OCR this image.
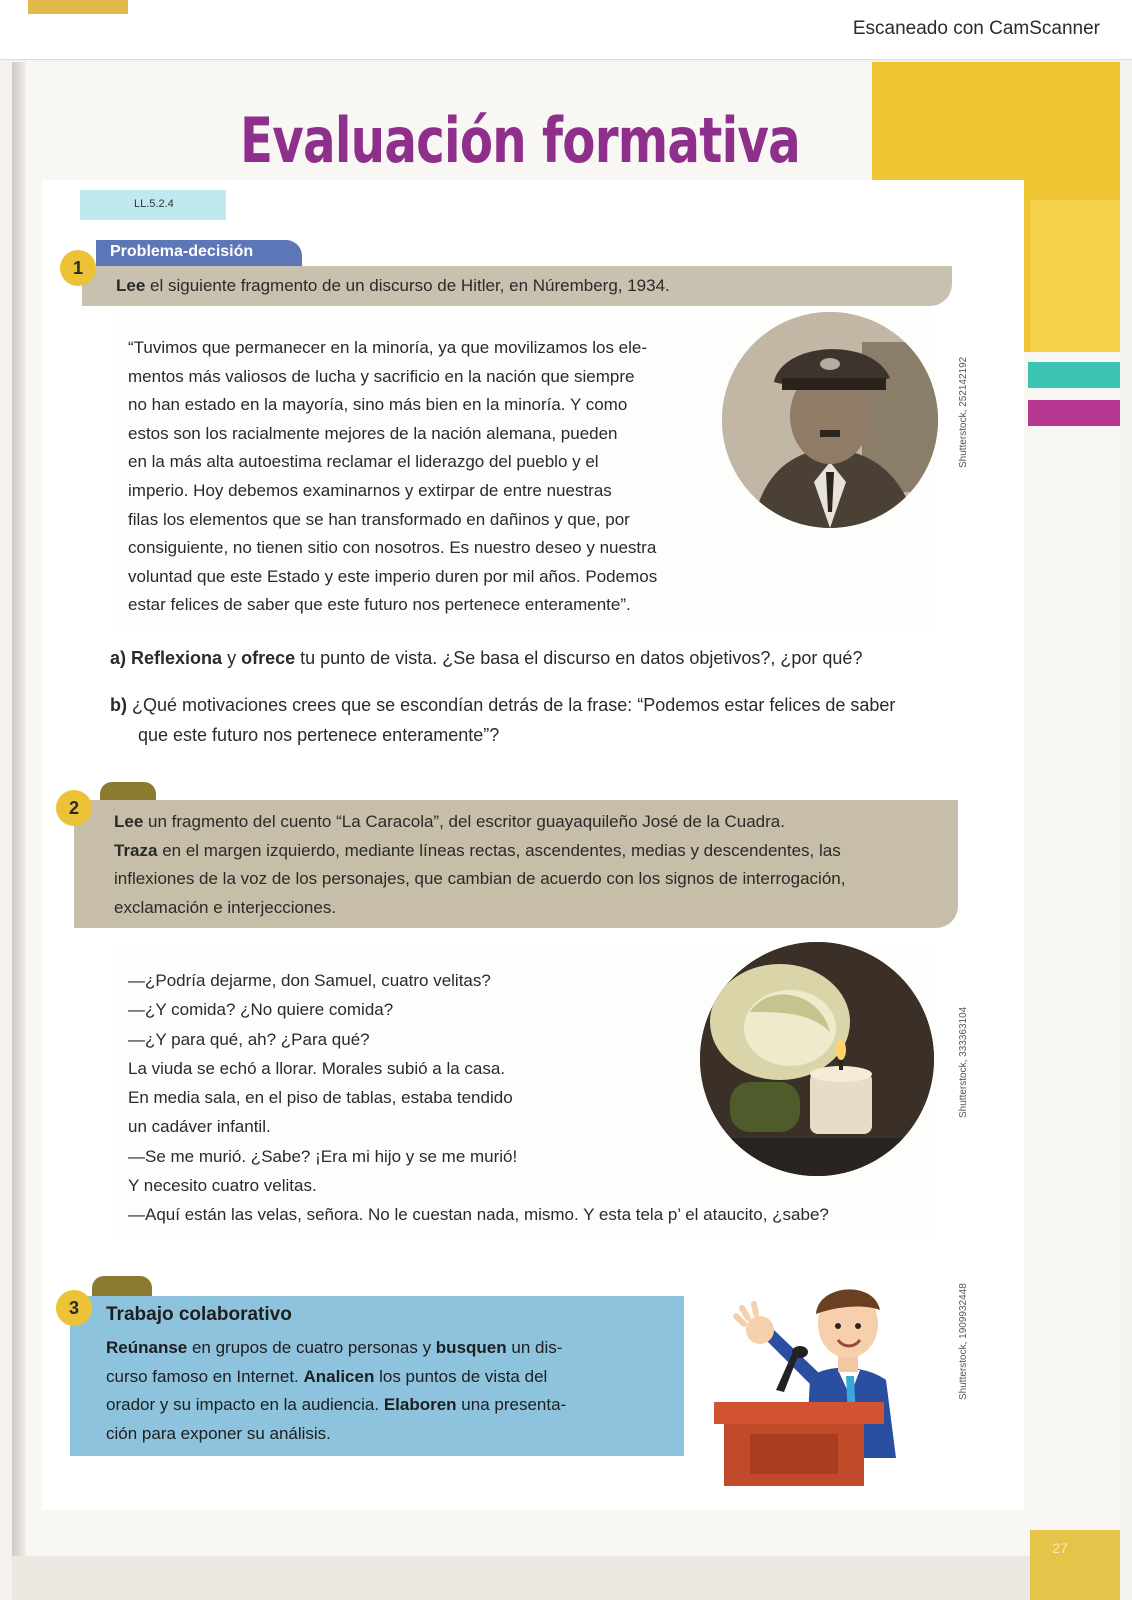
Escaneado con CamScanner
27
Evaluación formativa
LL.5.2.4
Problema-decisión
1
Lee el siguiente fragmento de un discurso de Hitler, en Núremberg, 1934.
“Tuvimos que permanecer en la minoría, ya que movilizamos los ele-
mentos más valiosos de lucha y sacrificio en la nación que siempre
no han estado en la mayoría, sino más bien en la minoría. Y como
estos son los racialmente mejores de la nación alemana, pueden
en la más alta autoestima reclamar el liderazgo del pueblo y el
imperio. Hoy debemos examinarnos y extirpar de entre nuestras
filas los elementos que se han transformado en dañinos y que, por
consiguiente, no tienen sitio con nosotros. Es nuestro deseo y nuestra
voluntad que este Estado y este imperio duren por mil años. Podemos
estar felices de saber que este futuro nos pertenece enteramente”.
Shutterstock, 252142192
a) Reflexiona y ofrece tu punto de vista. ¿Se basa el discurso en datos objetivos?, ¿por qué?
b) ¿Qué motivaciones crees que se escondían detrás de la frase: “Podemos estar felices de saber
que este futuro nos pertenece enteramente”?
2
Lee un fragmento del cuento “La Caracola”, del escritor guayaquileño José de la Cuadra.
Traza en el margen izquierdo, mediante líneas rectas, ascendentes, medias y descendentes, las
inflexiones de la voz de los personajes, que cambian de acuerdo con los signos de interrogación,
exclamación e interjecciones.
—¿Podría dejarme, don Samuel, cuatro velitas?
—¿Y comida? ¿No quiere comida?
—¿Y para qué, ah? ¿Para qué?
La viuda se echó a llorar. Morales subió a la casa.
En media sala, en el piso de tablas, estaba tendido
un cadáver infantil.
—Se me murió. ¿Sabe? ¡Era mi hijo y se me murió!
Y necesito cuatro velitas.
—Aquí están las velas, señora. No le cuestan nada, mismo. Y esta tela p’ el ataucito, ¿sabe?
Shutterstock, 333363104
3	Trabajo colaborativo
Reúnanse en grupos de cuatro personas y busquen un dis-
curso famoso en Internet. Analicen los puntos de vista del
orador y su impacto en la audiencia. Elaboren una presenta-
ción para exponer su análisis.
Shutterstock, 1909932448
